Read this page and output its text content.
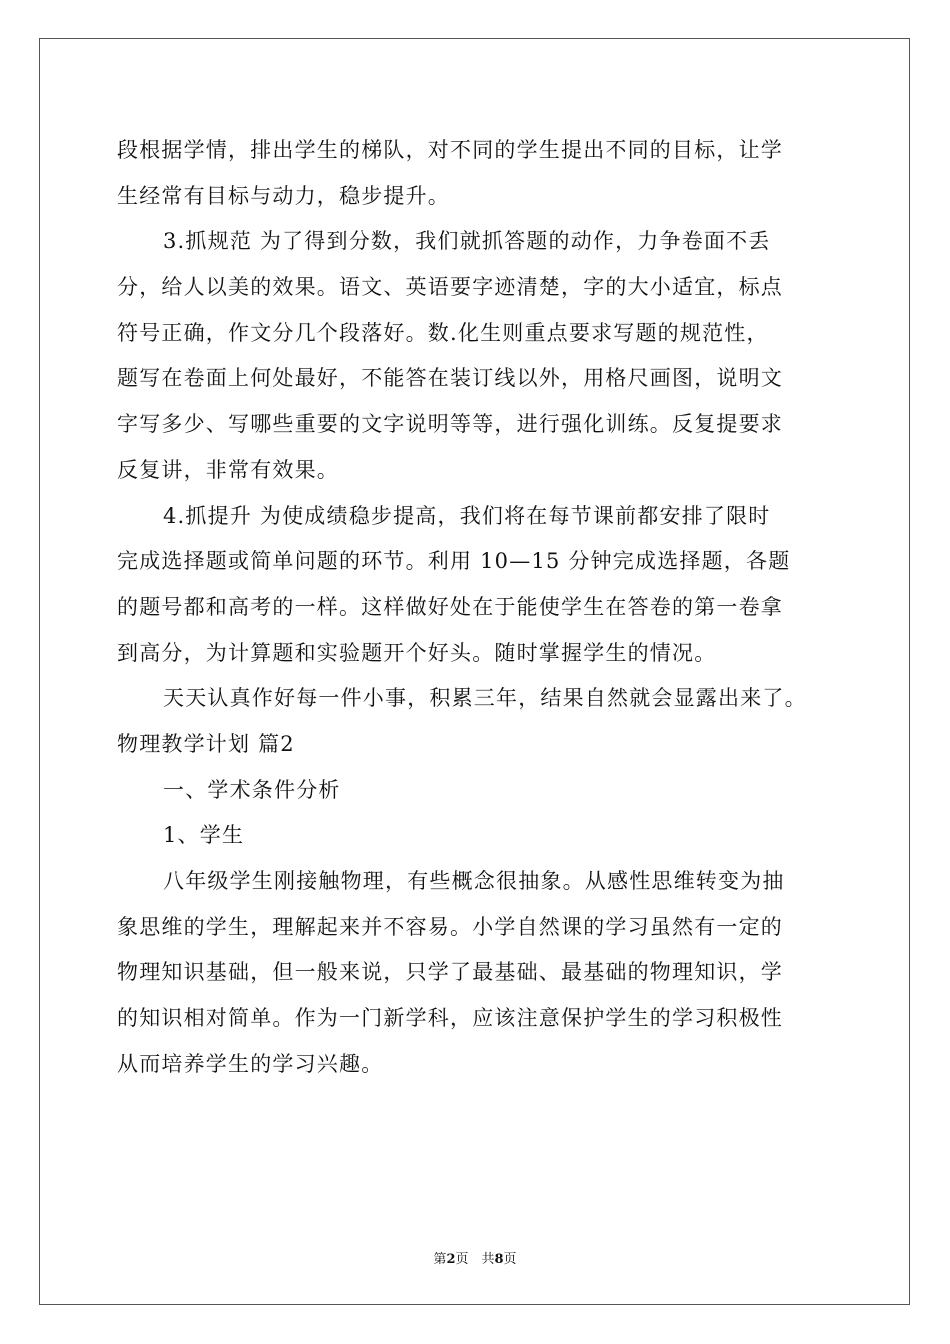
段根据学情，排出学生的梯队，对不同的学生提出不同的目标，让学
生经常有目标与动力，稳步提升。
3.抓规范 为了得到分数，我们就抓答题的动作，力争卷面不丢
分，给人以美的效果。语文、英语要字迹清楚，字的大小适宜，标点
符号正确，作文分几个段落好。数.化生则重点要求写题的规范性，
题写在卷面上何处最好，不能答在装订线以外，用格尺画图，说明文
字写多少、写哪些重要的文字说明等等，进行强化训练。反复提要求
反复讲，非常有效果。
4.抓提升 为使成绩稳步提高，我们将在每节课前都安排了限时
完成选择题或简单问题的环节。利用 10—15 分钟完成选择题，各题
的题号都和高考的一样。这样做好处在于能使学生在答卷的第一卷拿
到高分，为计算题和实验题开个好头。随时掌握学生的情况。
天天认真作好每一件小事，积累三年，结果自然就会显露出来了。
物理教学计划 篇2
一、学术条件分析
1、学生
八年级学生刚接触物理，有些概念很抽象。从感性思维转变为抽
象思维的学生，理解起来并不容易。小学自然课的学习虽然有一定的
物理知识基础，但一般来说，只学了最基础、最基础的物理知识，学
的知识相对简单。作为一门新学科，应该注意保护学生的学习积极性
从而培养学生的学习兴趣。
第2页　共8页
